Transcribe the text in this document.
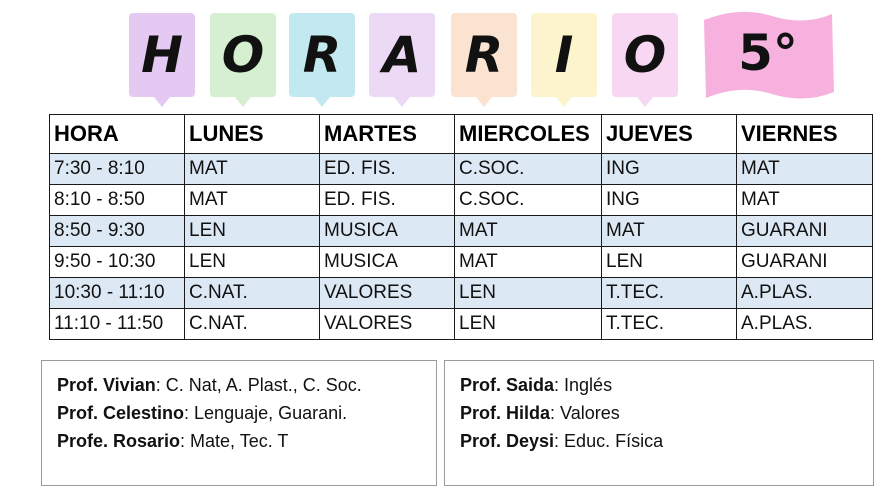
H O R A R I O	5°
HORA	LUNES	MARTES	MIERCOLES	JUEVES	VIERNES
7:30 - 8:10	MAT	ED. FIS.	C.SOC.	ING	MAT
8:10 - 8:50	MAT	ED. FIS.	C.SOC.	ING	MAT
8:50 - 9:30	LEN	MUSICA	MAT	MAT	GUARANI
9:50 - 10:30	LEN	MUSICA	MAT	LEN	GUARANI
10:30 - 11:10	C.NAT.	VALORES	LEN	T.TEC.	A.PLAS.
11:10 - 11:50	C.NAT.	VALORES	LEN	T.TEC.	A.PLAS.
Prof. Vivian: C. Nat, A. Plast., C. Soc.
Prof. Celestino: Lenguaje, Guarani.
Profe. Rosario: Mate, Tec. T
Prof. Saida: Inglés
Prof. Hilda: Valores
Prof. Deysi: Educ. Física
